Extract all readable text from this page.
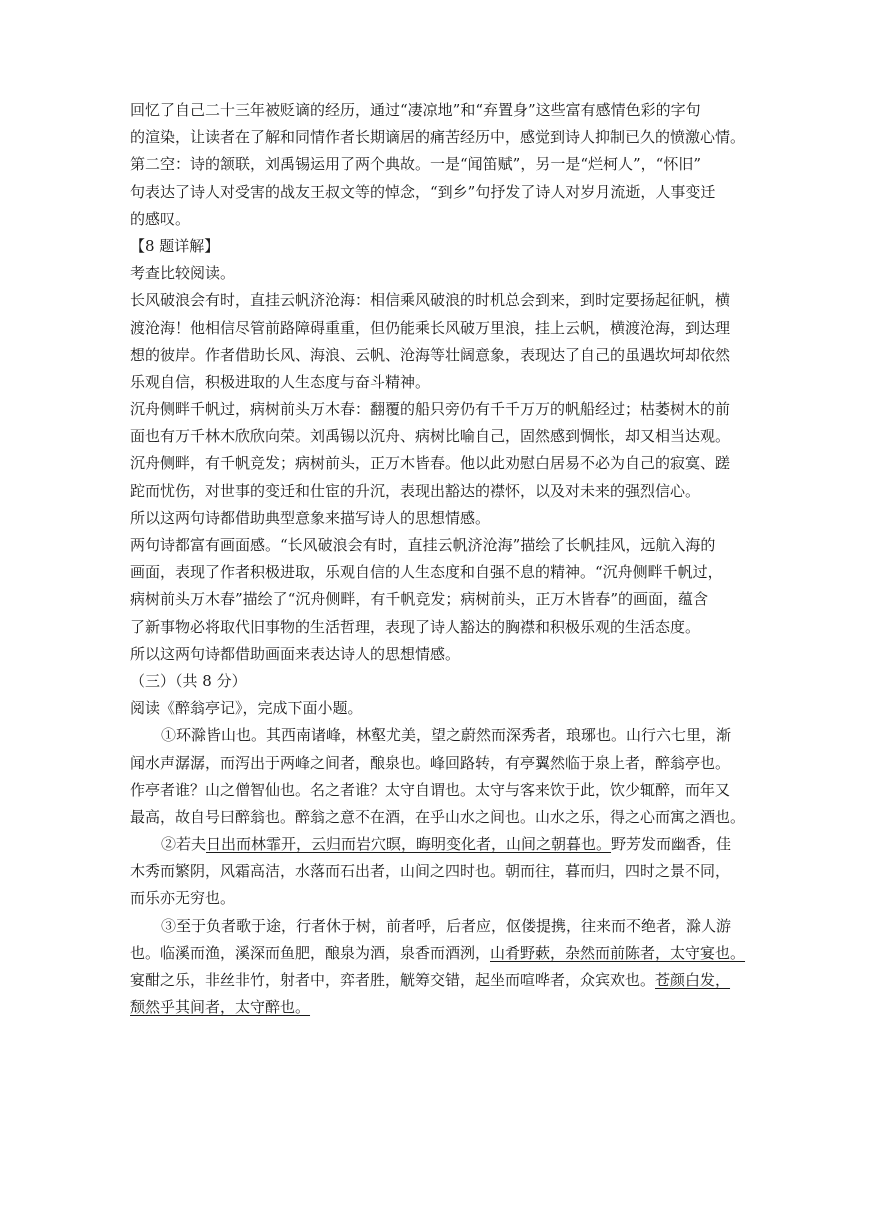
回忆了自己二十三年被贬谪的经历，通过“凄凉地”和“弃置身”这些富有感情色彩的字句
的渲染，让读者在了解和同情作者长期谪居的痛苦经历中，感觉到诗人抑制已久的愤激心情。
第二空：诗的颔联，刘禹锡运用了两个典故。一是“闻笛赋”，另一是“烂柯人”，“怀旧”
句表达了诗人对受害的战友王叔文等的悼念，“到乡”句抒发了诗人对岁月流逝，人事变迁
的感叹。
【8 题详解】
考查比较阅读。
长风破浪会有时，直挂云帆济沧海：相信乘风破浪的时机总会到来，到时定要扬起征帆，横
渡沧海！他相信尽管前路障碍重重，但仍能乘长风破万里浪，挂上云帆，横渡沧海，到达理
想的彼岸。作者借助长风、海浪、云帆、沧海等壮阔意象，表现达了自己的虽遇坎坷却依然
乐观自信，积极进取的人生态度与奋斗精神。
沉舟侧畔千帆过，病树前头万木春：翻覆的船只旁仍有千千万万的帆船经过；枯萎树木的前
面也有万千林木欣欣向荣。刘禹锡以沉舟、病树比喻自己，固然感到惆怅，却又相当达观。
沉舟侧畔，有千帆竞发；病树前头，正万木皆春。他以此劝慰白居易不必为自己的寂寞、蹉
跎而忧伤，对世事的变迁和仕宦的升沉，表现出豁达的襟怀，以及对未来的强烈信心。
所以这两句诗都借助典型意象来描写诗人的思想情感。
两句诗都富有画面感。“长风破浪会有时，直挂云帆济沧海”描绘了长帆挂风，远航入海的
画面，表现了作者积极进取，乐观自信的人生态度和自强不息的精神。“沉舟侧畔千帆过，
病树前头万木春”描绘了“沉舟侧畔，有千帆竞发；病树前头，正万木皆春”的画面，蕴含
了新事物必将取代旧事物的生活哲理，表现了诗人豁达的胸襟和积极乐观的生活态度。
所以这两句诗都借助画面来表达诗人的思想情感。
（三）（共 8 分）
阅读《醉翁亭记》，完成下面小题。
①环滁皆山也。其西南诸峰，林壑尤美，望之蔚然而深秀者，琅琊也。山行六七里，渐
闻水声潺潺，而泻出于两峰之间者，酿泉也。峰回路转，有亭翼然临于泉上者，醉翁亭也。
作亭者谁？山之僧智仙也。名之者谁？太守自谓也。太守与客来饮于此，饮少辄醉，而年又
最高，故自号曰醉翁也。醉翁之意不在酒，在乎山水之间也。山水之乐，得之心而寓之酒也。
②若夫日出而林霏开，云归而岩穴暝，晦明变化者，山间之朝暮也。野芳发而幽香，佳
木秀而繁阴，风霜高洁，水落而石出者，山间之四时也。朝而往，暮而归，四时之景不同，
而乐亦无穷也。
③至于负者歌于途，行者休于树，前者呼，后者应，伛偻提携，往来而不绝者，滁人游
也。临溪而渔，溪深而鱼肥，酿泉为酒，泉香而酒洌，山肴野蔌，杂然而前陈者，太守宴也。
宴酣之乐，非丝非竹，射者中，弈者胜，觥筹交错，起坐而喧哗者，众宾欢也。苍颜白发，
颓然乎其间者，太守醉也。
